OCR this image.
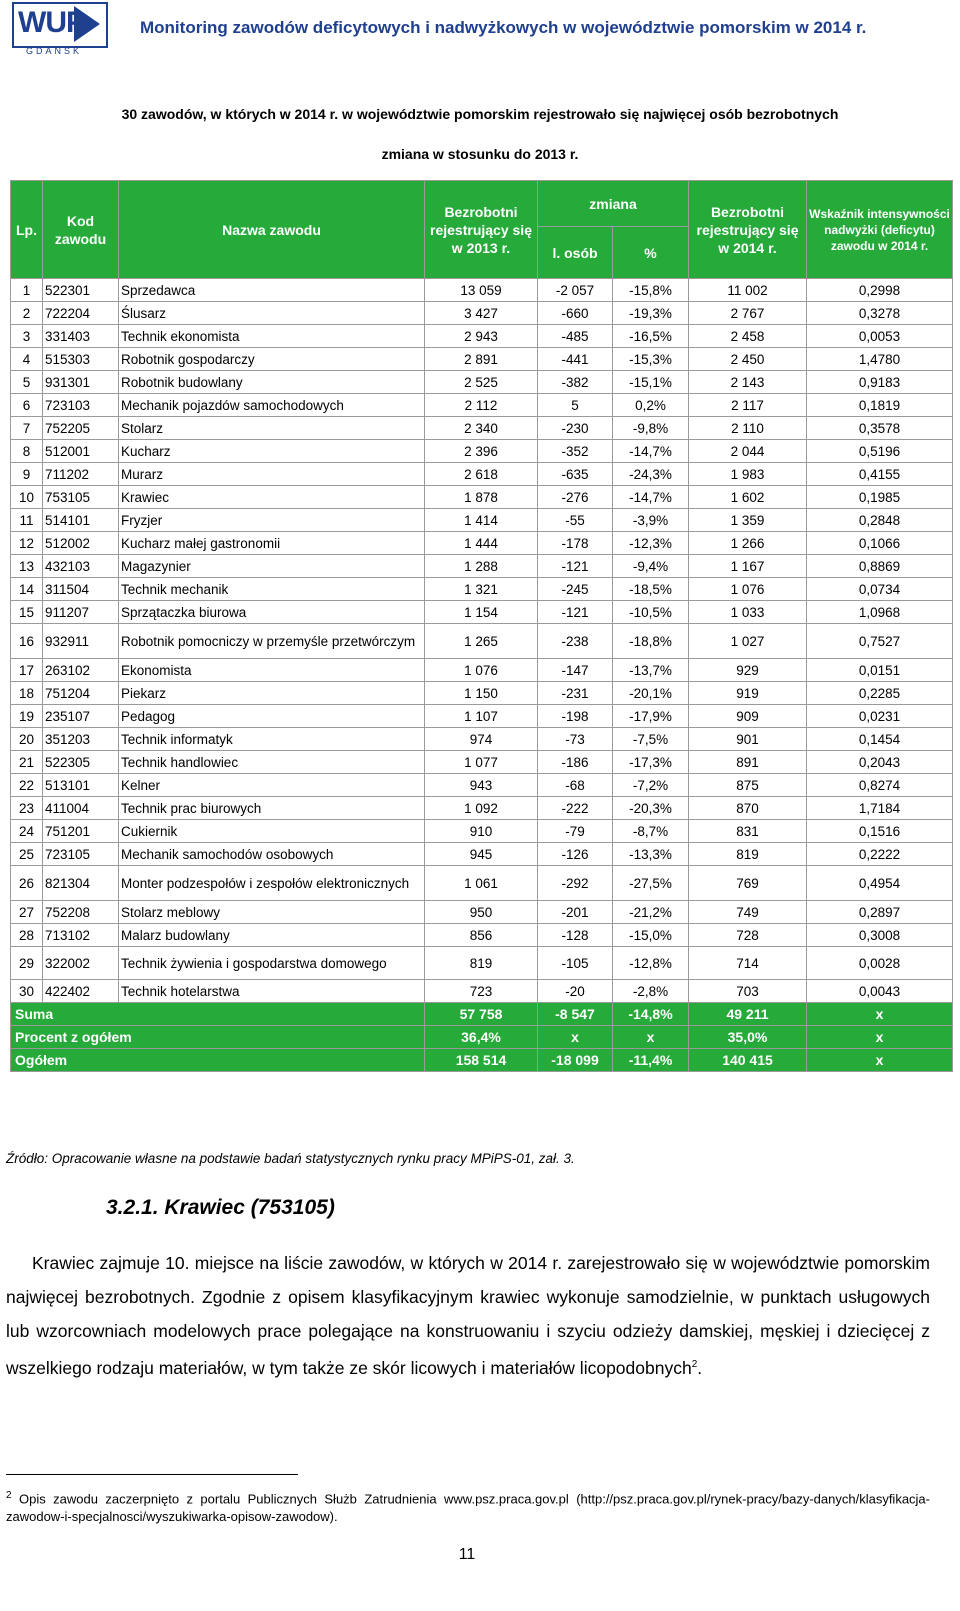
WUP
GDAŃSK
Monitoring zawodów deficytowych i nadwyżkowych w województwie pomorskim w 2014 r.
30 zawodów, w których w 2014 r. w województwie pomorskim rejestrowało się najwięcej osób bezrobotnych
zmiana w stosunku do 2013 r.
Lp.	Kod zawodu	Nazwa zawodu	Bezrobotni rejestrujący się w 2013 r.	zmiana		Bezrobotni rejestrujący się w 2014 r.	Wskaźnik intensywności nadwyżki (deficytu) zawodu w 2014 r.
				l. osób	%		
1	522301	Sprzedawca	13 059	-2 057	-15,8%	11 002	0,2998
2	722204	Ślusarz	3 427	-660	-19,3%	2 767	0,3278
3	331403	Technik ekonomista	2 943	-485	-16,5%	2 458	0,0053
4	515303	Robotnik gospodarczy	2 891	-441	-15,3%	2 450	1,4780
5	931301	Robotnik budowlany	2 525	-382	-15,1%	2 143	0,9183
6	723103	Mechanik pojazdów samochodowych	2 112	5	0,2%	2 117	0,1819
7	752205	Stolarz	2 340	-230	-9,8%	2 110	0,3578
8	512001	Kucharz	2 396	-352	-14,7%	2 044	0,5196
9	711202	Murarz	2 618	-635	-24,3%	1 983	0,4155
10	753105	Krawiec	1 878	-276	-14,7%	1 602	0,1985
11	514101	Fryzjer	1 414	-55	-3,9%	1 359	0,2848
12	512002	Kucharz małej gastronomii	1 444	-178	-12,3%	1 266	0,1066
13	432103	Magazynier	1 288	-121	-9,4%	1 167	0,8869
14	311504	Technik mechanik	1 321	-245	-18,5%	1 076	0,0734
15	911207	Sprzątaczka biurowa	1 154	-121	-10,5%	1 033	1,0968
16	932911	Robotnik pomocniczy w przemyśle przetwórczym	1 265	-238	-18,8%	1 027	0,7527
17	263102	Ekonomista	1 076	-147	-13,7%	929	0,0151
18	751204	Piekarz	1 150	-231	-20,1%	919	0,2285
19	235107	Pedagog	1 107	-198	-17,9%	909	0,0231
20	351203	Technik informatyk	974	-73	-7,5%	901	0,1454
21	522305	Technik handlowiec	1 077	-186	-17,3%	891	0,2043
22	513101	Kelner	943	-68	-7,2%	875	0,8274
23	411004	Technik prac biurowych	1 092	-222	-20,3%	870	1,7184
24	751201	Cukiernik	910	-79	-8,7%	831	0,1516
25	723105	Mechanik samochodów osobowych	945	-126	-13,3%	819	0,2222
26	821304	Monter podzespołów i zespołów elektronicznych	1 061	-292	-27,5%	769	0,4954
27	752208	Stolarz meblowy	950	-201	-21,2%	749	0,2897
28	713102	Malarz budowlany	856	-128	-15,0%	728	0,3008
29	322002	Technik żywienia i gospodarstwa domowego	819	-105	-12,8%	714	0,0028
30	422402	Technik hotelarstwa	723	-20	-2,8%	703	0,0043
Suma			57 758	-8 547	-14,8%	49 211	x
Procent z ogółem			36,4%	x	x	35,0%	x
Ogółem			158 514	-18 099	-11,4%	140 415	x
Źródło: Opracowanie własne na podstawie badań statystycznych rynku pracy MPiPS-01, zał. 3.
3.2.1. Krawiec (753105)
Krawiec zajmuje 10. miejsce na liście zawodów, w których w 2014 r. zarejestrowało się w województwie pomorskim najwięcej bezrobotnych. Zgodnie z opisem klasyfikacyjnym krawiec wykonuje samodzielnie, w punktach usługowych lub wzorcowniach modelowych prace polegające na konstruowaniu i szyciu odzieży damskiej, męskiej i dziecięcej z wszelkiego rodzaju materiałów, w tym także ze skór licowych i materiałów licopodobnych$^2$.
$^2$ Opis zawodu zaczerpnięto z portalu Publicznych Służb Zatrudnienia www.psz.praca.gov.pl (http://psz.praca.gov.pl/rynek-pracy/bazy-danych/klasyfikacja-zawodow-i-specjalnosci/wyszukiwarka-opisow-zawodow).
11
